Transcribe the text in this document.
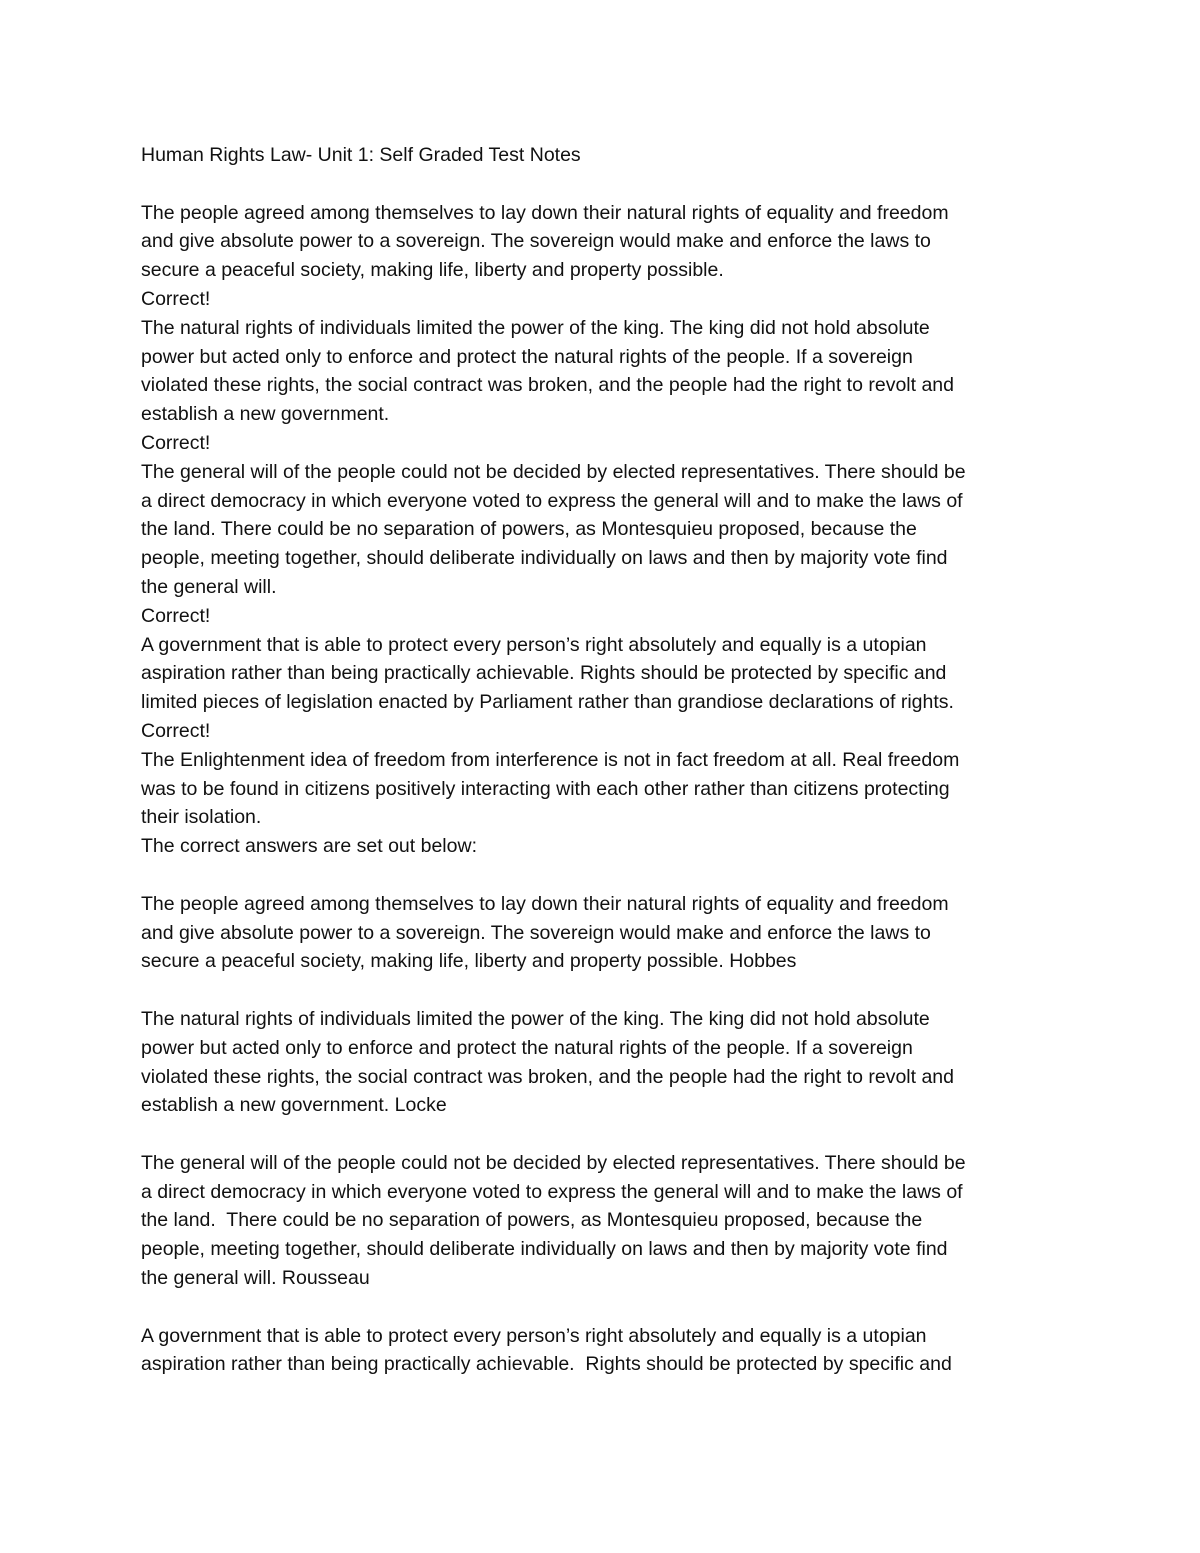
Human Rights Law- Unit 1: Self Graded Test Notes
The people agreed among themselves to lay down their natural rights of equality and freedom
and give absolute power to a sovereign. The sovereign would make and enforce the laws to
secure a peaceful society, making life, liberty and property possible.
Correct!
The natural rights of individuals limited the power of the king. The king did not hold absolute
power but acted only to enforce and protect the natural rights of the people. If a sovereign
violated these rights, the social contract was broken, and the people had the right to revolt and
establish a new government.
Correct!
The general will of the people could not be decided by elected representatives. There should be
a direct democracy in which everyone voted to express the general will and to make the laws of
the land. There could be no separation of powers, as Montesquieu proposed, because the
people, meeting together, should deliberate individually on laws and then by majority vote find
the general will.
Correct!
A government that is able to protect every person’s right absolutely and equally is a utopian
aspiration rather than being practically achievable. Rights should be protected by specific and
limited pieces of legislation enacted by Parliament rather than grandiose declarations of rights.
Correct!
The Enlightenment idea of freedom from interference is not in fact freedom at all. Real freedom
was to be found in citizens positively interacting with each other rather than citizens protecting
their isolation.
The correct answers are set out below:
The people agreed among themselves to lay down their natural rights of equality and freedom
and give absolute power to a sovereign. The sovereign would make and enforce the laws to
secure a peaceful society, making life, liberty and property possible. Hobbes
The natural rights of individuals limited the power of the king. The king did not hold absolute
power but acted only to enforce and protect the natural rights of the people. If a sovereign
violated these rights, the social contract was broken, and the people had the right to revolt and
establish a new government. Locke
The general will of the people could not be decided by elected representatives. There should be
a direct democracy in which everyone voted to express the general will and to make the laws of
the land.  There could be no separation of powers, as Montesquieu proposed, because the
people, meeting together, should deliberate individually on laws and then by majority vote find
the general will. Rousseau
A government that is able to protect every person’s right absolutely and equally is a utopian
aspiration rather than being practically achievable.  Rights should be protected by specific and
